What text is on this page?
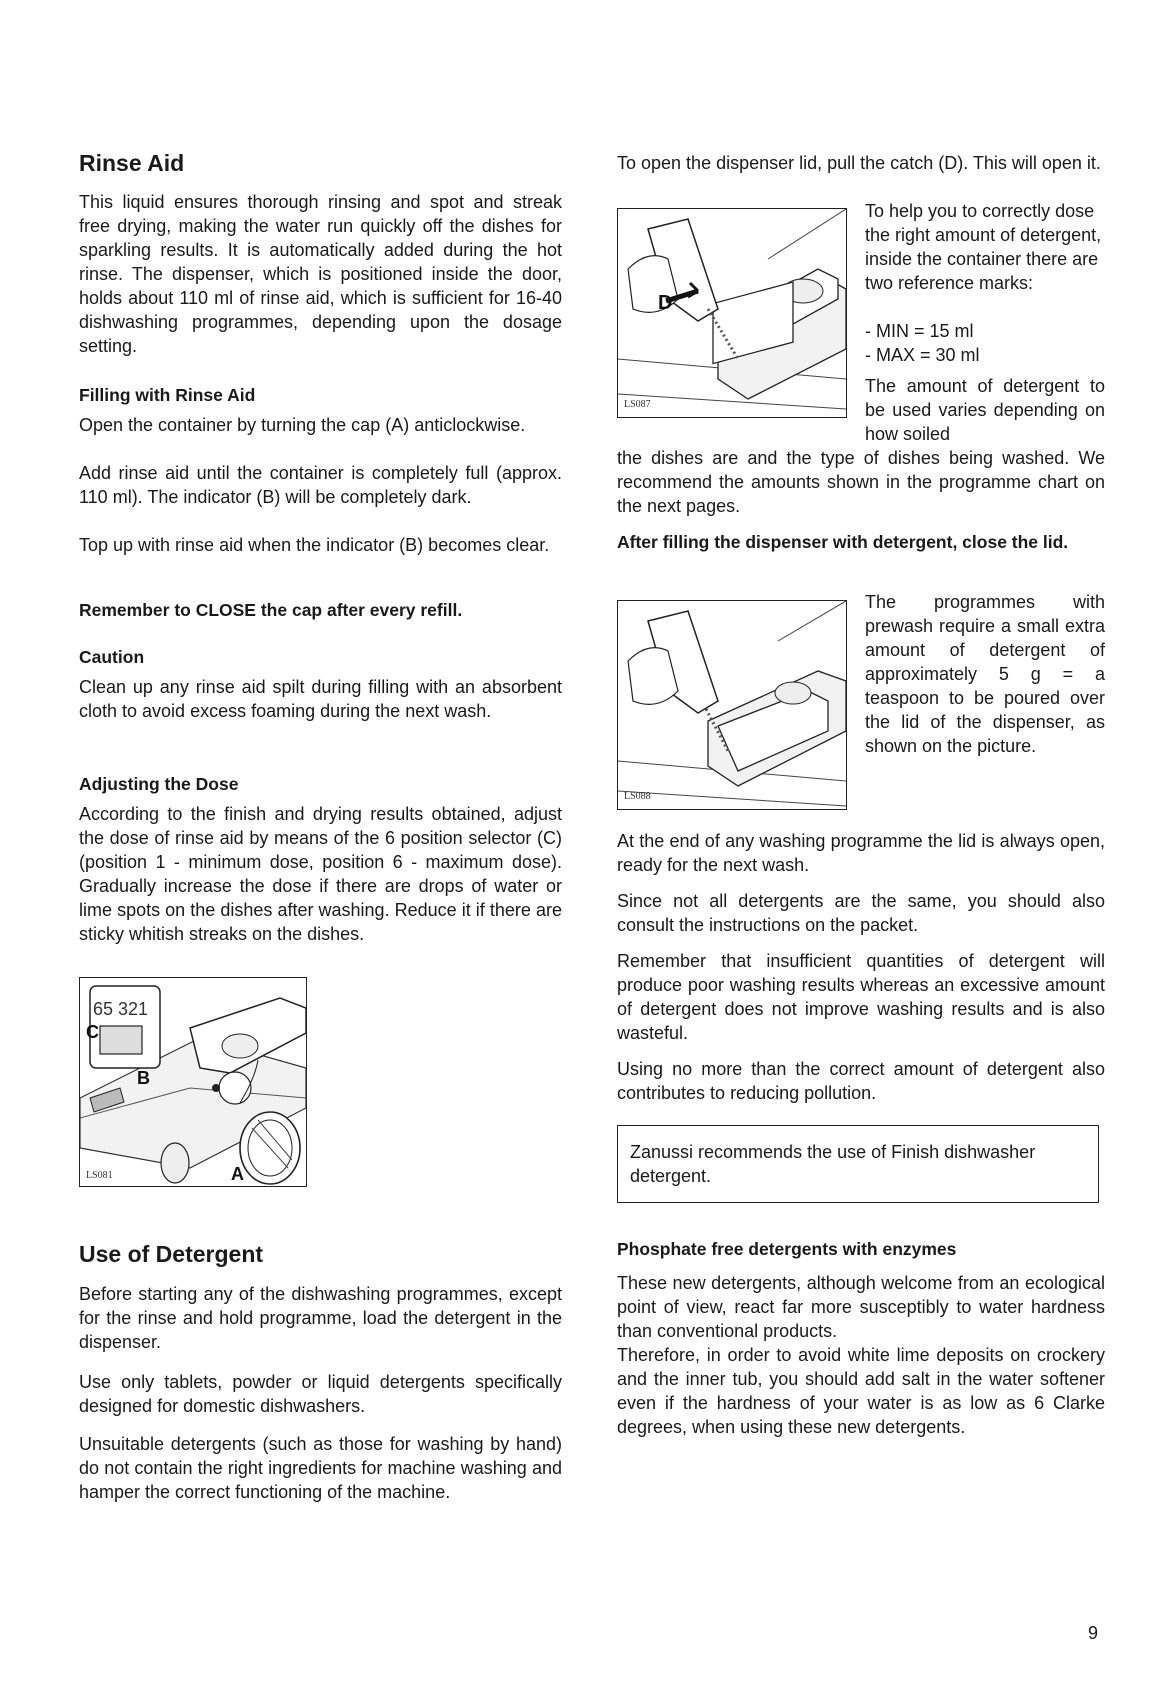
Rinse Aid

This liquid ensures thorough rinsing and spot and streak free drying, making the water run quickly off the dishes for sparkling results. It is automatically added during the hot rinse. The dispenser, which is positioned inside the door, holds about 110 ml of rinse aid, which is sufficient for 16-40 dishwashing programmes, depending upon the dosage setting.

Filling with Rinse Aid

Open the container by turning the cap (A) anticlockwise.

Add rinse aid until the container is completely full (approx. 110 ml). The indicator (B) will be completely dark.

Top up with rinse aid when the indicator (B) becomes clear.

Remember to CLOSE the cap after every refill.
Caution

Clean up any rinse aid spilt during filling with an absorbent cloth to avoid excess foaming during the next wash.

Adjusting the Dose

According to the finish and drying results obtained, adjust the dose of rinse aid by means of the 6 position selector (C) (position 1 - minimum dose, position 6 - maximum dose). Gradually increase the dose if there are drops of water or lime spots on the dishes after washing. Reduce it if there are sticky whitish streaks on the dishes.

Use of Detergent

Before starting any of the dishwashing programmes, except for the rinse and hold programme, load the detergent in the dispenser.

Use only tablets, powder or liquid detergents specifically designed for domestic dishwashers.

Unsuitable detergents (such as those for washing by hand) do not contain the right ingredients for machine washing and hamper the correct functioning of the machine.

65 321
C
B
A
LS081

To open the dispenser lid, pull the catch (D). This will open it.

To help you to correctly dose the right amount of detergent, inside the container there are two reference marks:

- MIN = 15 ml

- MAX = 30 ml

The amount of detergent to be used varies depending on how soiled

the dishes are and the type of dishes being washed. We recommend the amounts shown in the programme chart on the next pages.

After filling the dispenser with detergent, close the lid.

The programmes with prewash require a small extra amount of detergent of approximately 5 g = a teaspoon to be poured over the lid of the dispenser, as shown on the picture.

At the end of any washing programme the lid is always open, ready for the next wash.

Since not all detergents are the same, you should also consult the instructions on the packet.

Remember that insufficient quantities of detergent will produce poor washing results whereas an excessive amount of detergent does not improve washing results and is also wasteful.

Using no more than the correct amount of detergent also contributes to reducing pollution.

Phosphate free detergents with enzymes

These new detergents, although welcome from an ecological point of view, react far more susceptibly to water hardness than conventional products.

Therefore, in order to avoid white lime deposits on crockery and the inner tub, you should add salt in the water softener even if the hardness of your water is as low as 6 Clarke degrees, when using these new detergents.

D
LS087
LS088

Zanussi recommends the use of Finish dishwasher detergent.

9
